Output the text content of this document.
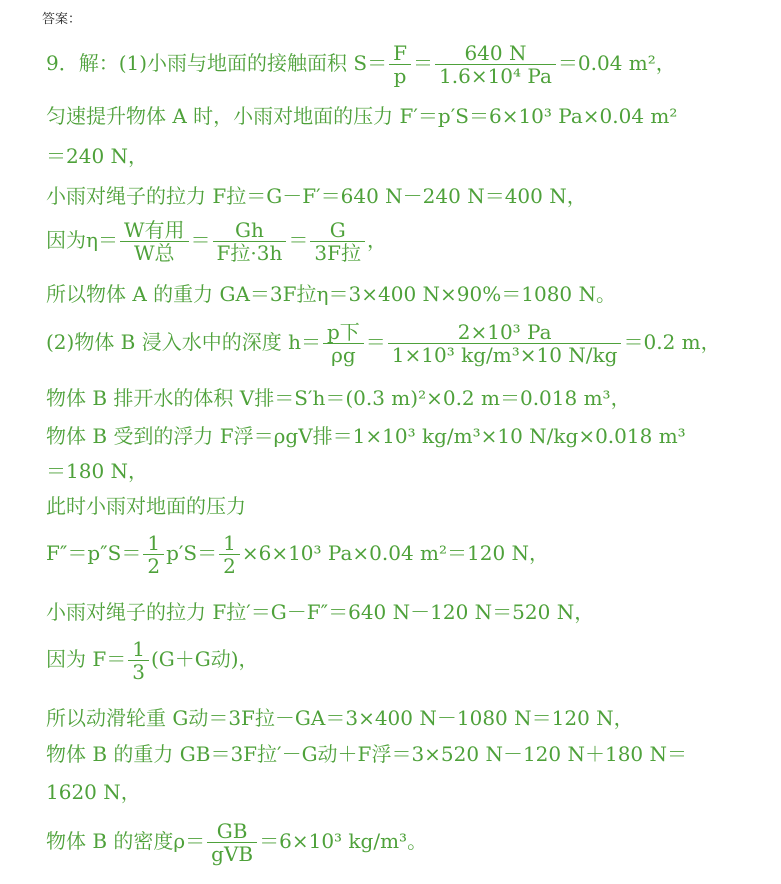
答案：
9．解：(1)小雨与地面的接触面积 $S= \frac{F}{p} = \frac{640 N}{\text{1.6×10⁴ Pa}} =0.04$ m²，
匀速提升物体 A 时，小雨对地面的压力 F′＝p′S＝6×10³ Pa×0.04 m²
＝240 N，
小雨对绳子的拉力 F拉＝G－F′＝640 N－240 N＝400 N，
因为$\eta= \frac{\text{W有用}}{\text{W总}} = \frac{Gh}{\text{F拉·3h}} = \frac{G}{\text{3F拉}}$ ，
所以物体 A 的重力 GA＝3F拉η＝3×400 N×90%＝1080 N。
(2)物体 B 浸入水中的深度 $h= \frac{\text{p下}}{\rho g} = \frac{\text{2×10³ Pa}}{\text{1×10³ kg/m³×10 N/kg}} =0.2$ m，
物体 B 排开水的体积 V排＝S′h＝(0.3 m)²×0.2 m＝0.018 m³，
物体 B 受到的浮力 F浮＝ρgV排＝1×10³ kg/m³×10 N/kg×0.018 m³
＝180 N，
此时小雨对地面的压力
$F''=p''S= \frac{1}{2} p'S= \frac{1}{2} \times 6\times 10^3$ Pa×0.04 m²＝120 N，
小雨对绳子的拉力 F拉′＝G－F″＝640 N－120 N＝520 N，
因为 $F= \frac{1}{3} (G+G$动)，
所以动滑轮重 G动＝3F拉－GA＝3×400 N－1080 N＝120 N，
物体 B 的重力 GB＝3F拉′－G动＋F浮＝3×520 N－120 N＋180 N＝
1620 N，
物体 B 的密度$\rho= \frac{GB}{\text{gVB}} =6\times 10^3$ kg/m³。
